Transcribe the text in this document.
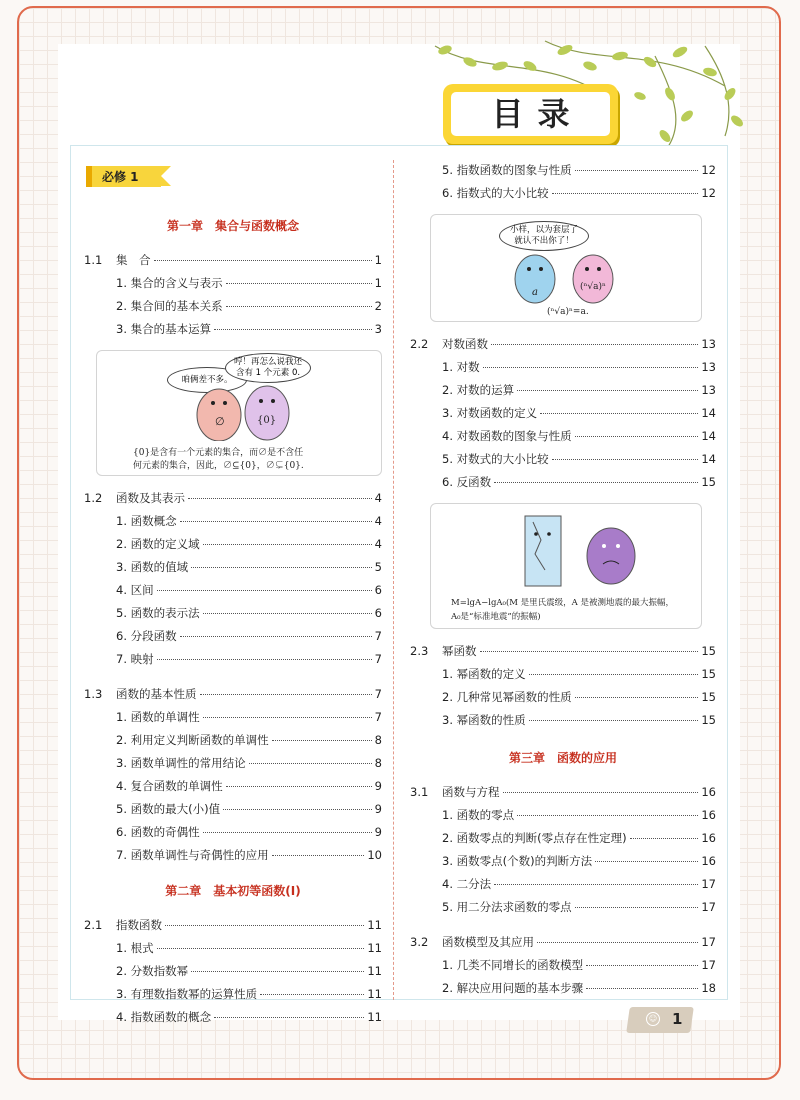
目录
必修 1
第一章　集合与函数概念
1.1 集　合	1
1. 集合的含义与表示	1
2. 集合间的基本关系	2
3. 集合的基本运算	3
咱俩差不多。
哼！再怎么说我还含有 1 个元素 0.
∅	{0}
{0}是含有一个元素的集合，而∅是不含任
何元素的集合，因此，∅⊆{0}，∅⊊{0}.
1.2 函数及其表示	4
1. 函数概念	4
2. 函数的定义域	4
3. 函数的值域	5
4. 区间	6
5. 函数的表示法	6
6. 分段函数	7
7. 映射	7
1.3 函数的基本性质	7
1. 函数的单调性	7
2. 利用定义判断函数的单调性	8
3. 函数单调性的常用结论	8
4. 复合函数的单调性	9
5. 函数的最大(小)值	9
6. 函数的奇偶性	9
7. 函数单调性与奇偶性的应用	10
第二章　基本初等函数(Ⅰ)
2.1 指数函数	11
1. 根式	11
2. 分数指数幂	11
3. 有理数指数幂的运算性质	11
4. 指数函数的概念	11
5. 指数函数的图象与性质	12
6. 指数式的大小比较	12
小样，以为套层了就认不出你了！
a	(ⁿ√a)ⁿ
(ⁿ√a)ⁿ=a.
2.2 对数函数	13
1. 对数	13
2. 对数的运算	13
3. 对数函数的定义	14
4. 对数函数的图象与性质	14
5. 对数式的大小比较	14
6. 反函数	15
M=lgA−lgA₀(M 是里氏震级，A 是被测地震的最大振幅，
A₀是“标准地震”的振幅)
2.3 幂函数	15
1. 幂函数的定义	15
2. 几种常见幂函数的性质	15
3. 幂函数的性质	15
第三章　函数的应用
3.1 函数与方程	16
1. 函数的零点	16
2. 函数零点的判断(零点存在性定理)	16
3. 函数零点(个数)的判断方法	16
4. 二分法	17
5. 用二分法求函数的零点	17
3.2 函数模型及其应用	17
1. 几类不同增长的函数模型	17
2. 解决应用问题的基本步骤	18
☺ 1
